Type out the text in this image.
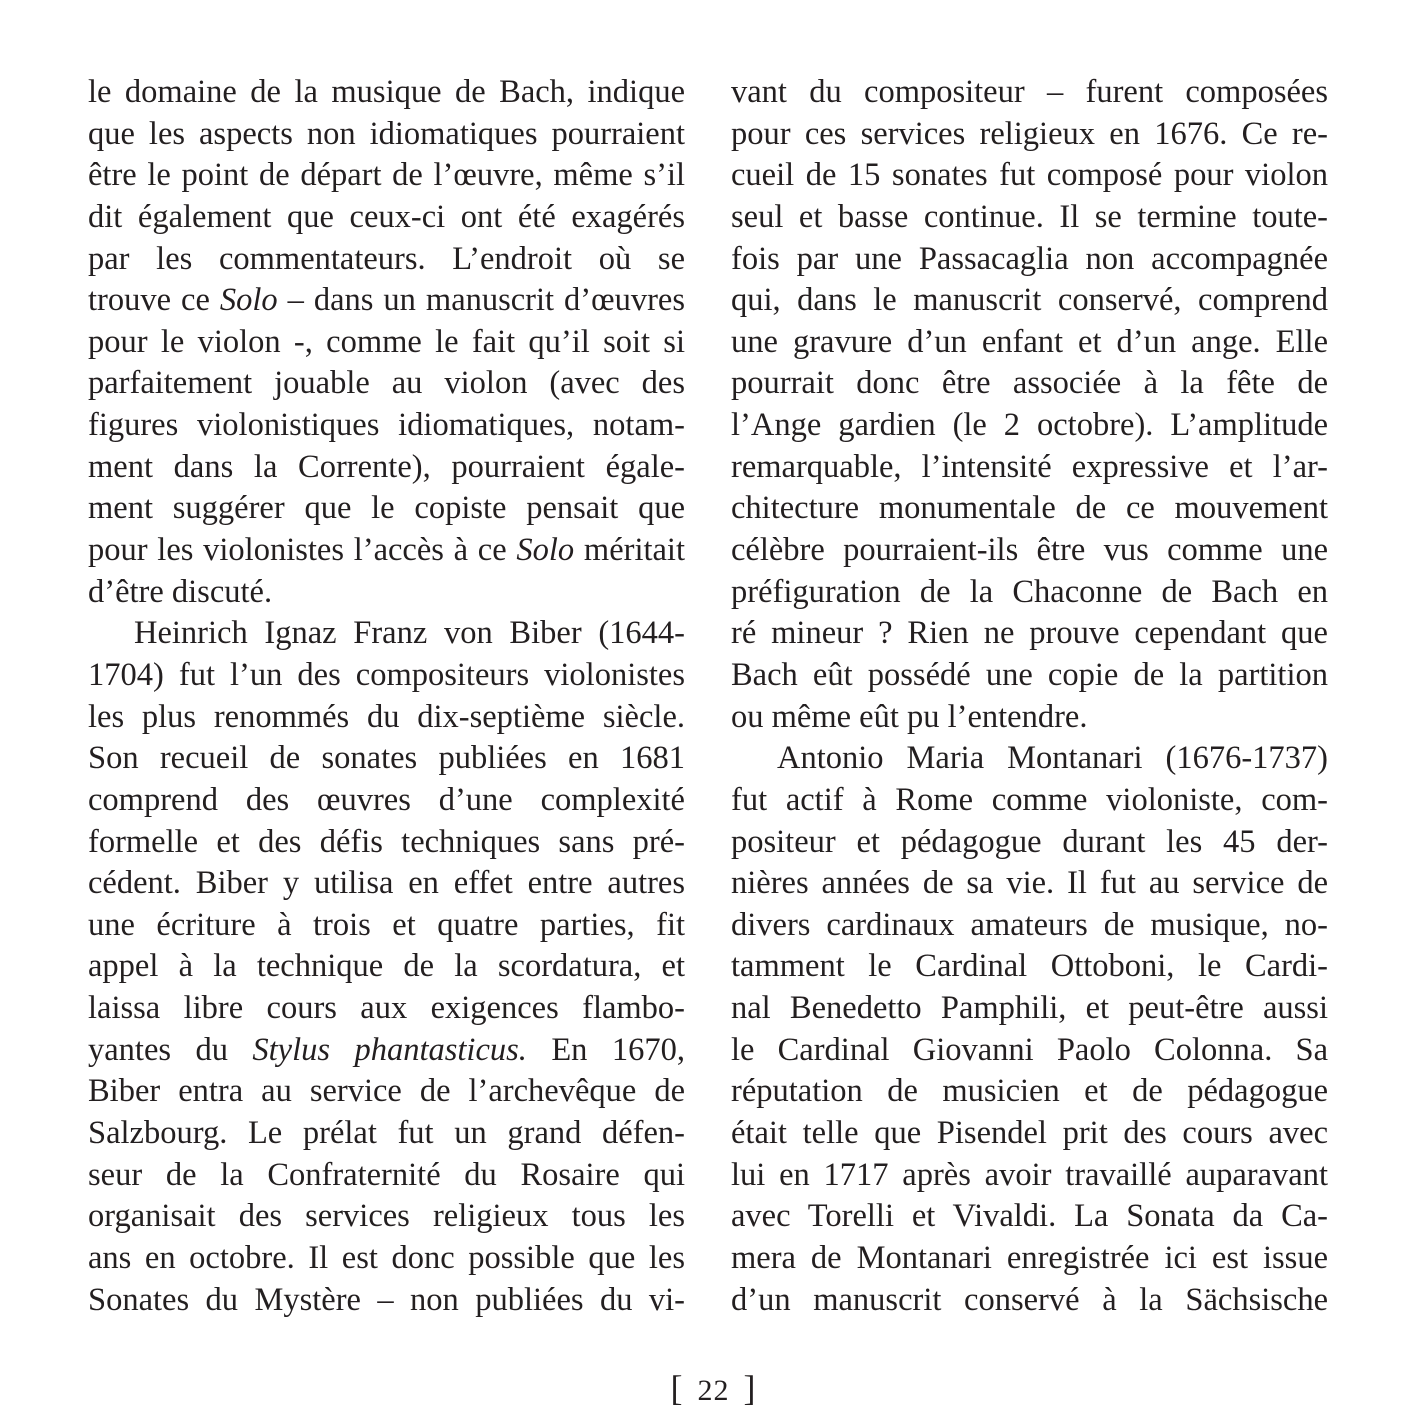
le domaine de la musique de Bach, indique
que les aspects non idiomatiques pourraient
être le point de départ de l’œuvre, même s’il
dit également que ceux-ci ont été exagérés
par les commentateurs. L’endroit où se
trouve ce Solo – dans un manuscrit d’œuvres
pour le violon -, comme le fait qu’il soit si
parfaitement jouable au violon (avec des
figures violonistiques idiomatiques, notam-
ment dans la Corrente), pourraient égale-
ment suggérer que le copiste pensait que
pour les violonistes l’accès à ce Solo méritait
d’être discuté.
Heinrich Ignaz Franz von Biber (1644-
1704) fut l’un des compositeurs violonistes
les plus renommés du dix-septième siècle.
Son recueil de sonates publiées en 1681
comprend des œuvres d’une complexité
formelle et des défis techniques sans pré-
cédent. Biber y utilisa en effet entre autres
une écriture à trois et quatre parties, fit
appel à la technique de la scordatura, et
laissa libre cours aux exigences flambo-
yantes du Stylus phantasticus. En 1670,
Biber entra au service de l’archevêque de
Salzbourg. Le prélat fut un grand défen-
seur de la Confraternité du Rosaire qui
organisait des services religieux tous les
ans en octobre. Il est donc possible que les
Sonates du Mystère – non publiées du vi-
vant du compositeur – furent composées
pour ces services religieux en 1676. Ce re-
cueil de 15 sonates fut composé pour violon
seul et basse continue. Il se termine toute-
fois par une Passacaglia non accompagnée
qui, dans le manuscrit conservé, comprend
une gravure d’un enfant et d’un ange. Elle
pourrait donc être associée à la fête de
l’Ange gardien (le 2 octobre). L’amplitude
remarquable, l’intensité expressive et l’ar-
chitecture monumentale de ce mouvement
célèbre pourraient-ils être vus comme une
préfiguration de la Chaconne de Bach en
ré mineur ? Rien ne prouve cependant que
Bach eût possédé une copie de la partition
ou même eût pu l’entendre.
Antonio Maria Montanari (1676-1737)
fut actif à Rome comme violoniste, com-
positeur et pédagogue durant les 45 der-
nières années de sa vie. Il fut au service de
divers cardinaux amateurs de musique, no-
tamment le Cardinal Ottoboni, le Cardi-
nal Benedetto Pamphili, et peut-être aussi
le Cardinal Giovanni Paolo Colonna. Sa
réputation de musicien et de pédagogue
était telle que Pisendel prit des cours avec
lui en 1717 après avoir travaillé auparavant
avec Torelli et Vivaldi. La Sonata da Ca-
mera de Montanari enregistrée ici est issue
d’un manuscrit conservé à la Sächsische
[ 22 ]
